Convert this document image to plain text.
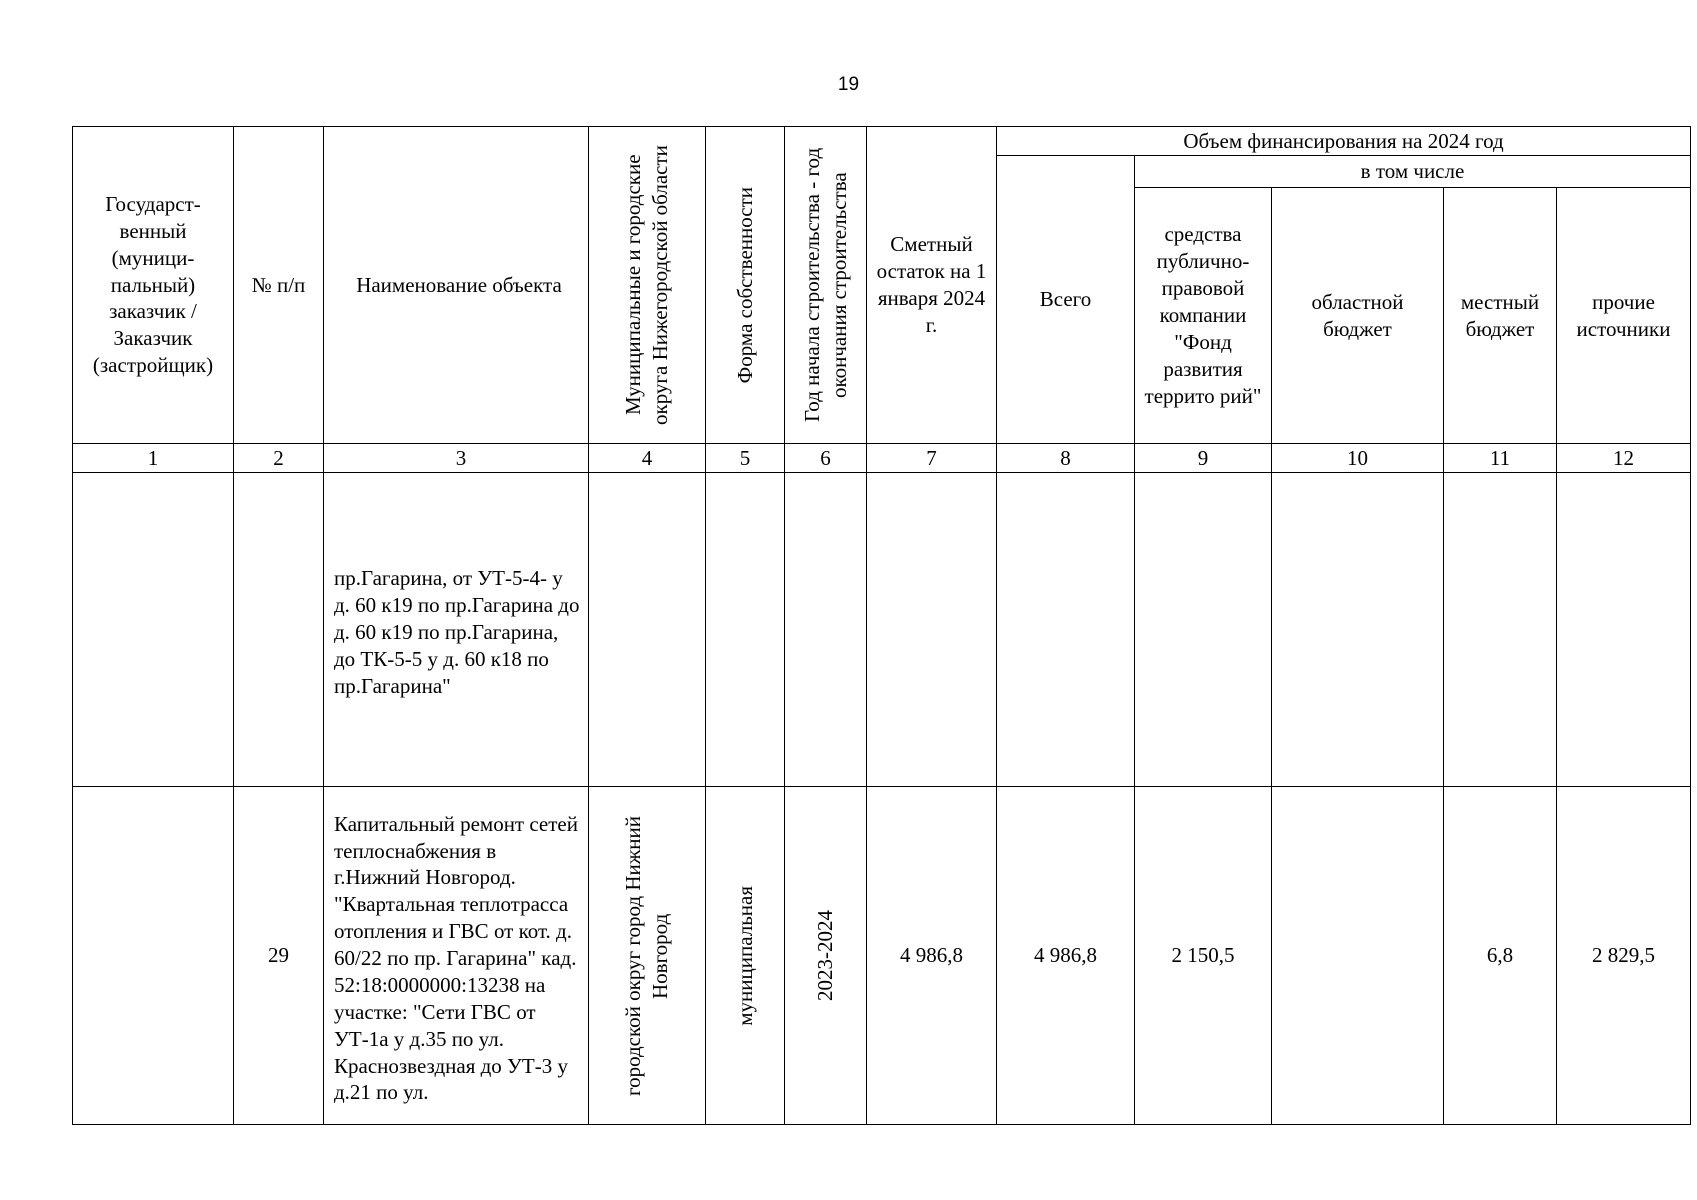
19
Государст-венный (муници-пальный) заказчик / Заказчик (застройщик)	№ п/п	Наименование объекта	Муниципальные и городские округа Нижегородской области	Форма собственности	Год начала строительства - год окончания строительства	Сметный остаток на 1 января 2024 г.	Объем финансирования на 2024 год				

							Всего	в том числе			

								средства публично-правовой компании "Фонд развития террито рий"	областной бюджет	местный бюджет	прочие источники

1	2	3	4	5	6	7	8	9	10	11	12

		пр.Гагарина, от УТ-5-4- у д. 60 к19 по пр.Гагарина до д. 60 к19 по пр.Гагарина, до ТК-5-5 у д. 60 к18 по пр.Гагарина"									

	29	Капитальный ремонт сетей теплоснабжения в г.Нижний Новгород. "Квартальная теплотрасса отопления и ГВС от кот. д. 60/22 по пр. Гагарина" кад. 52:18:0000000:13238 на участке: "Сети ГВС от УТ-1а у д.35 по ул. Краснозвездная до УТ-3 у д.21 по ул.	городской округ город Нижний Новгород	муниципальная	2023-2024	4 986,8	4 986,8	2 150,5		6,8	2 829,5
